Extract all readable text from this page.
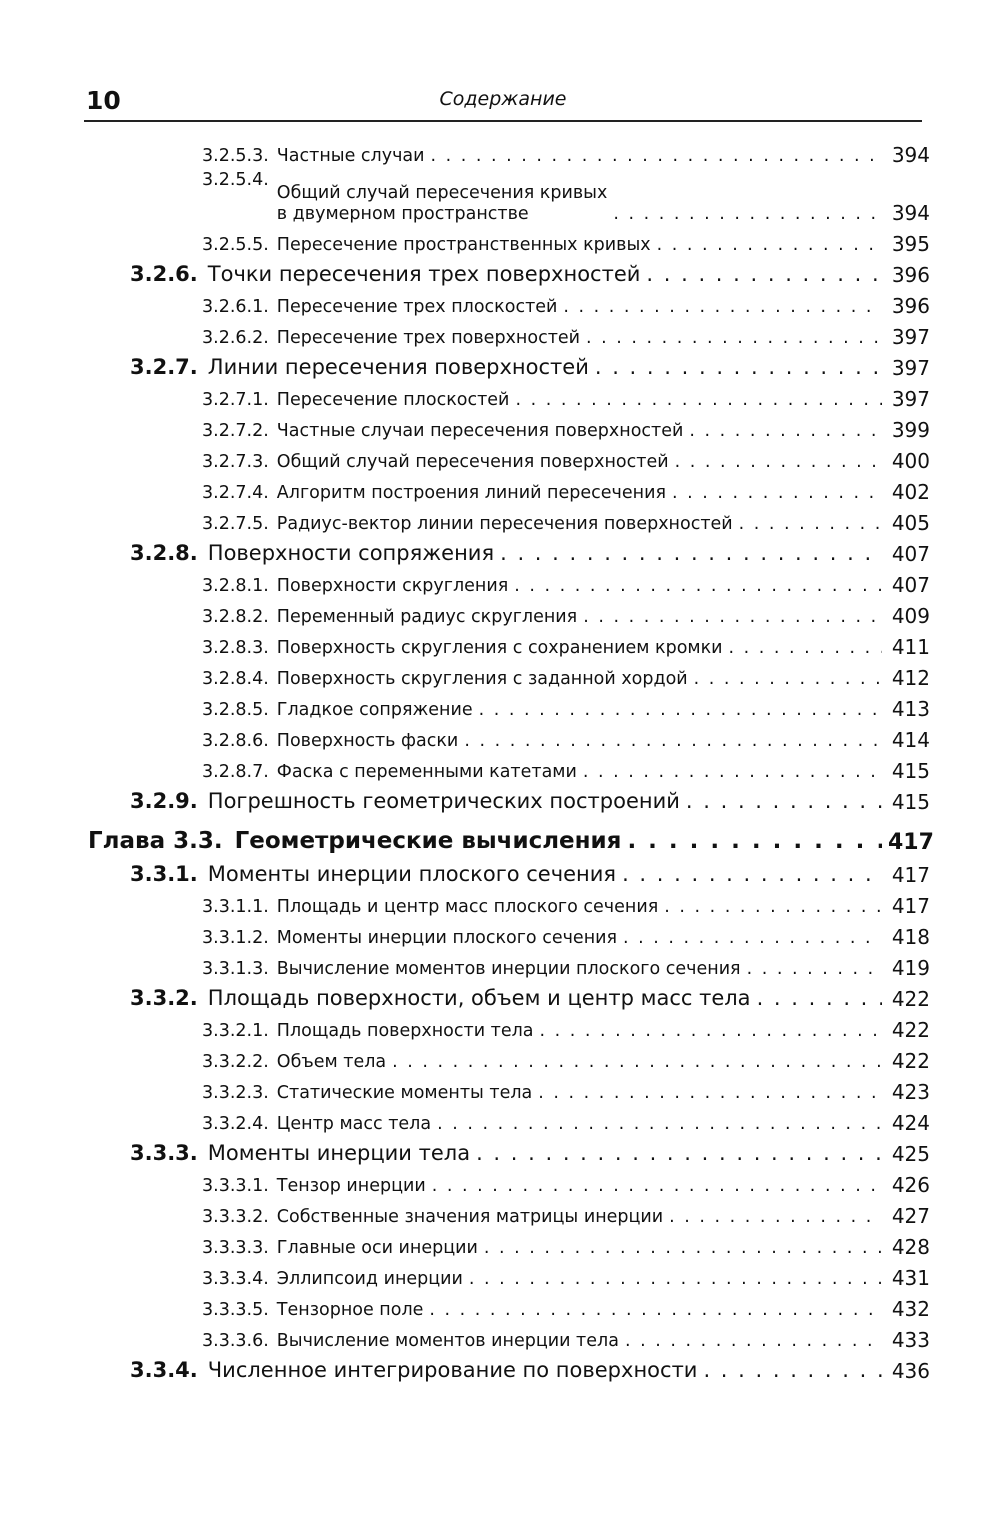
10	Содержание
3.2.5.3. Частные случаи . . .	394
3.2.5.4.
Общий случай пересечения кривых
в двумерном пространстве . . .	394
3.2.5.5. Пересечение пространственных кривых . . .	395
3.2.6. Точки пересечения трех поверхностей . . .	396
3.2.6.1. Пересечение трех плоскостей . . .	396
3.2.6.2. Пересечение трех поверхностей . . .	397
3.2.7. Линии пересечения поверхностей . . .	397
3.2.7.1. Пересечение плоскостей . . .	397
3.2.7.2. Частные случаи пересечения поверхностей . . .	399
3.2.7.3. Общий случай пересечения поверхностей . . .	400
3.2.7.4. Алгоритм построения линий пересечения . . .	402
3.2.7.5. Радиус-вектор линии пересечения поверхностей . . .	405
3.2.8. Поверхности сопряжения . . .	407
3.2.8.1. Поверхности скругления . . .	407
3.2.8.2. Переменный радиус скругления . . .	409
3.2.8.3. Поверхность скругления с сохранением кромки . . .	411
3.2.8.4. Поверхность скругления с заданной хордой . . .	412
3.2.8.5. Гладкое сопряжение . . .	413
3.2.8.6. Поверхность фаски . . .	414
3.2.8.7. Фаска с переменными катетами . . .	415
3.2.9. Погрешность геометрических построений . . .	415
Глава 3.3. Геометрические вычисления . . .	417
3.3.1. Моменты инерции плоского сечения . . .	417
3.3.1.1. Площадь и центр масс плоского сечения . . .	417
3.3.1.2. Моменты инерции плоского сечения . . .	418
3.3.1.3. Вычисление моментов инерции плоского сечения . . .	419
3.3.2. Площадь поверхности, объем и центр масс тела . . .	422
3.3.2.1. Площадь поверхности тела . . .	422
3.3.2.2. Объем тела . . .	422
3.3.2.3. Статические моменты тела . . .	423
3.3.2.4. Центр масс тела . . .	424
3.3.3. Моменты инерции тела . . .	425
3.3.3.1. Тензор инерции . . .	426
3.3.3.2. Собственные значения матрицы инерции . . .	427
3.3.3.3. Главные оси инерции . . .	428
3.3.3.4. Эллипсоид инерции . . .	431
3.3.3.5. Тензорное поле . . .	432
3.3.3.6. Вычисление моментов инерции тела . . .	433
3.3.4. Численное интегрирование по поверхности . . .	436
